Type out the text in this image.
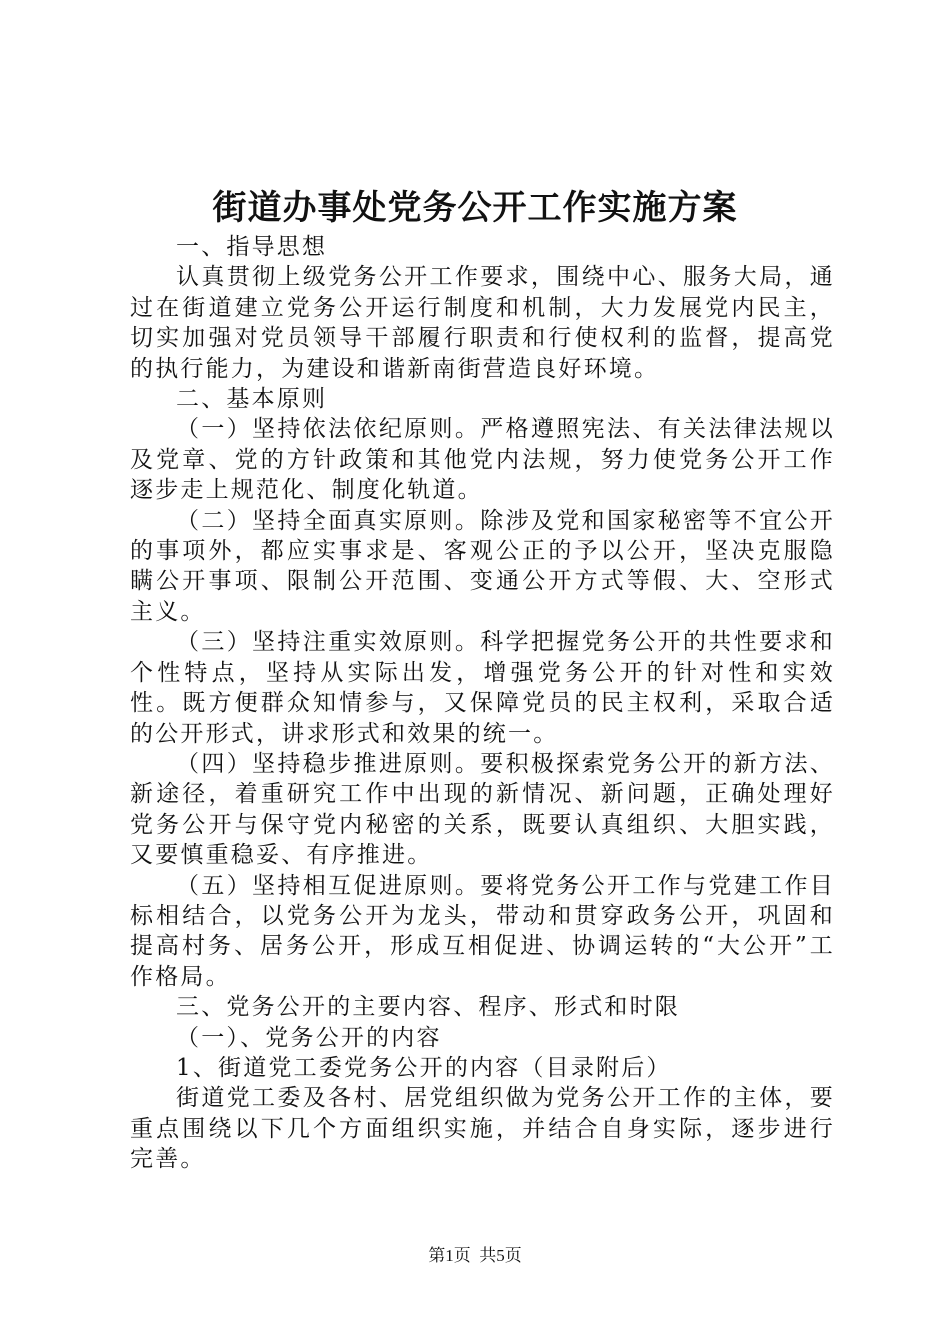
街道办事处党务公开工作实施方案

一、指导思想

认真贯彻上级党务公开工作要求，围绕中心、服务大局，通过在街道建立党务公开运行制度和机制，大力发展党内民主，切实加强对党员领导干部履行职责和行使权利的监督，提高党的执行能力，为建设和谐新南街营造良好环境。

二、基本原则

（一）坚持依法依纪原则。严格遵照宪法、有关法律法规以及党章、党的方针政策和其他党内法规，努力使党务公开工作逐步走上规范化、制度化轨道。

（二）坚持全面真实原则。除涉及党和国家秘密等不宜公开的事项外，都应实事求是、客观公正的予以公开，坚决克服隐瞒公开事项、限制公开范围、变通公开方式等假、大、空形式主义。

（三）坚持注重实效原则。科学把握党务公开的共性要求和个性特点，坚持从实际出发，增强党务公开的针对性和实效性。既方便群众知情参与，又保障党员的民主权利，采取合适的公开形式，讲求形式和效果的统一。

（四）坚持稳步推进原则。要积极探索党务公开的新方法、新途径，着重研究工作中出现的新情况、新问题，正确处理好党务公开与保守党内秘密的关系，既要认真组织、大胆实践，又要慎重稳妥、有序推进。

（五）坚持相互促进原则。要将党务公开工作与党建工作目标相结合，以党务公开为龙头，带动和贯穿政务公开，巩固和提高村务、居务公开，形成互相促进、协调运转的“大公开”工作格局。

三、党务公开的主要内容、程序、形式和时限

（一）、党务公开的内容

1、街道党工委党务公开的内容（目录附后）

街道党工委及各村、居党组织做为党务公开工作的主体，要重点围绕以下几个方面组织实施，并结合自身实际，逐步进行完善。

第1页  共5页
